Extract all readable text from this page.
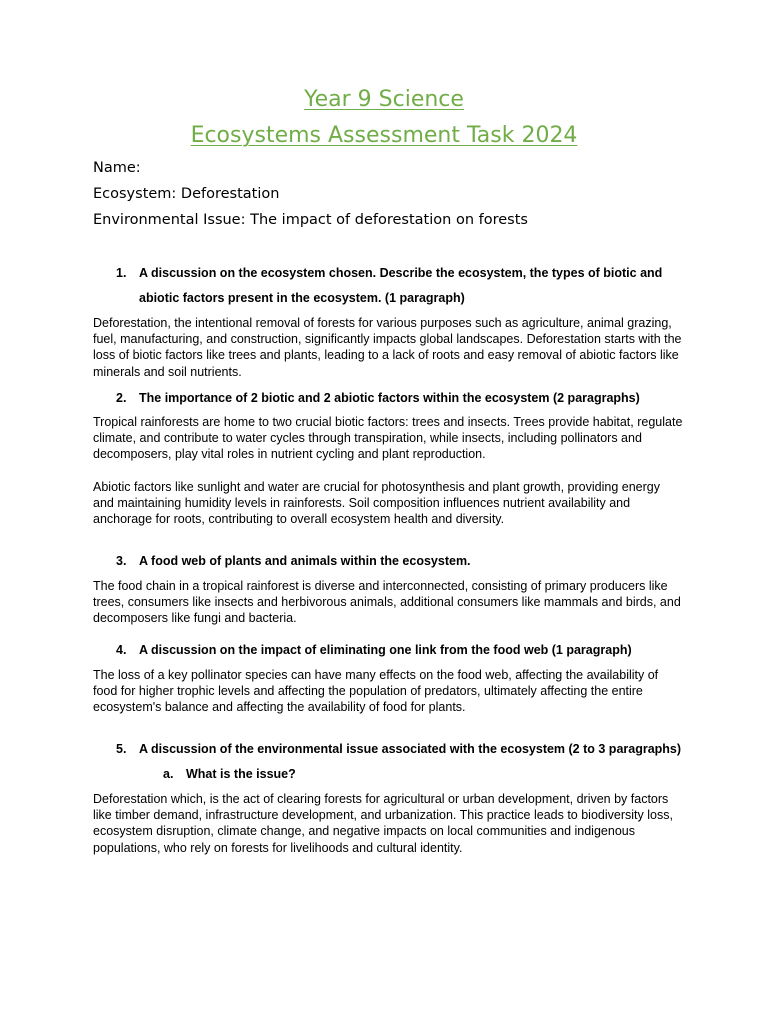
Year 9 Science
Ecosystems Assessment Task 2024
Name:
Ecosystem: Deforestation
Environmental Issue: The impact of deforestation on forests
1. A discussion on the ecosystem chosen. Describe the ecosystem, the types of biotic and abiotic factors present in the ecosystem. (1 paragraph)

Deforestation, the intentional removal of forests for various purposes such as agriculture, animal grazing, fuel, manufacturing, and construction, significantly impacts global landscapes. Deforestation starts with the loss of biotic factors like trees and plants, leading to a lack of roots and easy removal of abiotic factors like minerals and soil nutrients.

2. The importance of 2 biotic and 2 abiotic factors within the ecosystem (2 paragraphs)

Tropical rainforests are home to two crucial biotic factors: trees and insects. Trees provide habitat, regulate climate, and contribute to water cycles through transpiration, while insects, including pollinators and decomposers, play vital roles in nutrient cycling and plant reproduction.

Abiotic factors like sunlight and water are crucial for photosynthesis and plant growth, providing energy and maintaining humidity levels in rainforests. Soil composition influences nutrient availability and anchorage for roots, contributing to overall ecosystem health and diversity.

3. A food web of plants and animals within the ecosystem.

The food chain in a tropical rainforest is diverse and interconnected, consisting of primary producers like trees, consumers like insects and herbivorous animals, additional consumers like mammals and birds, and decomposers like fungi and bacteria.

4. A discussion on the impact of eliminating one link from the food web (1 paragraph)

The loss of a key pollinator species can have many effects on the food web, affecting the availability of food for higher trophic levels and affecting the population of predators, ultimately affecting the entire ecosystem's balance and affecting the availability of food for plants.

5. A discussion of the environmental issue associated with the ecosystem (2 to 3 paragraphs)
a. What is the issue?

Deforestation which, is the act of clearing forests for agricultural or urban development, driven by factors like timber demand, infrastructure development, and urbanization. This practice leads to biodiversity loss, ecosystem disruption, climate change, and negative impacts on local communities and indigenous populations, who rely on forests for livelihoods and cultural identity.
